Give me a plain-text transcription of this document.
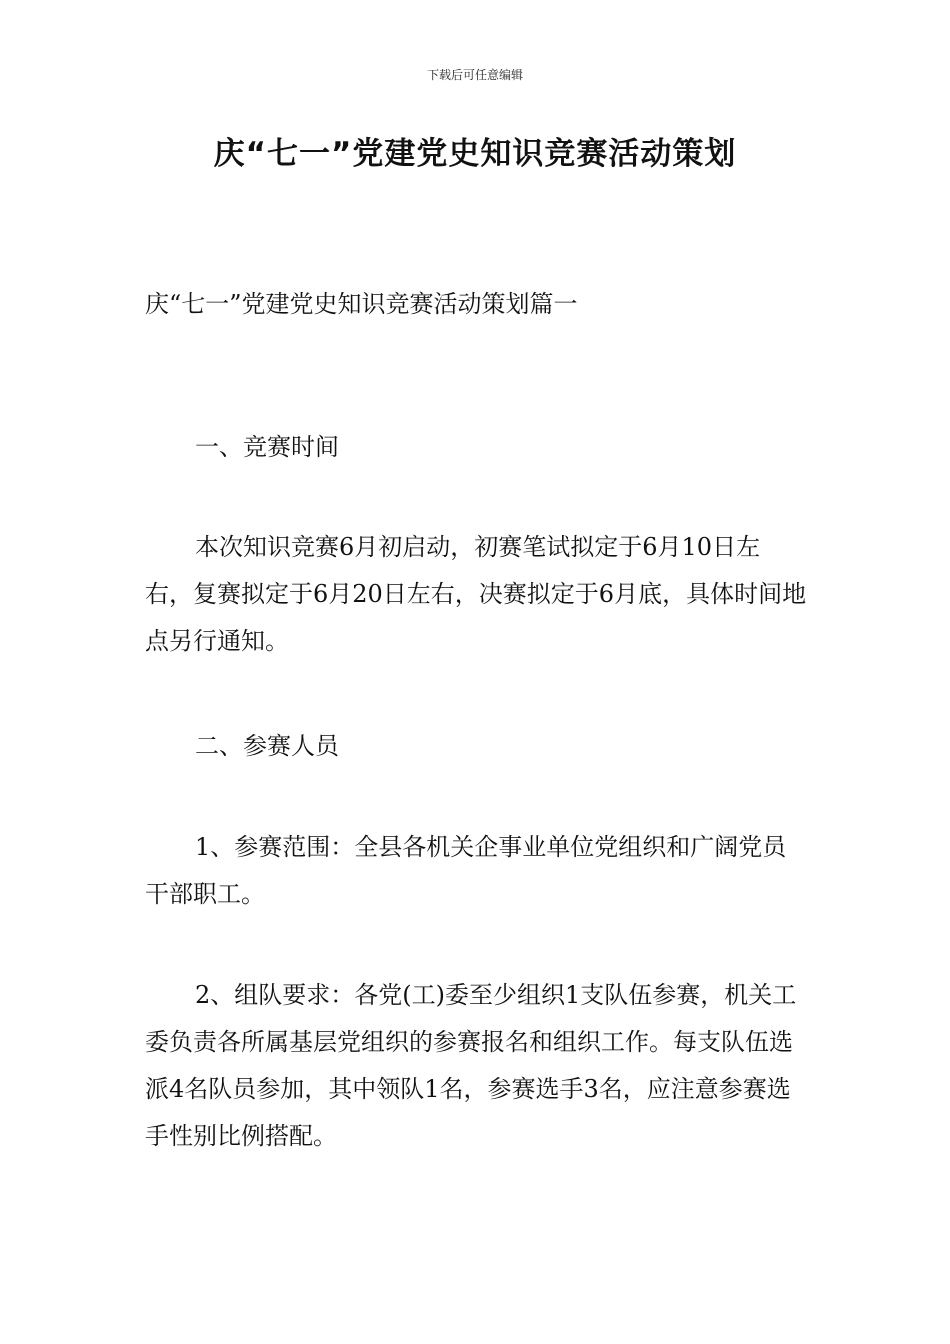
下载后可任意编辑
庆“七一”党建党史知识竞赛活动策划
庆“七一”党建党史知识竞赛活动策划篇一

一、竞赛时间

本次知识竞赛6月初启动，初赛笔试拟定于6月10日左右，复赛拟定于6月20日左右，决赛拟定于6月底，具体时间地点另行通知。

二、参赛人员

1、参赛范围：全县各机关企事业单位党组织和广阔党员干部职工。

2、组队要求：各党(工)委至少组织1支队伍参赛，机关工委负责各所属基层党组织的参赛报名和组织工作。每支队伍选派4名队员参加，其中领队1名，参赛选手3名，应注意参赛选手性别比例搭配。
